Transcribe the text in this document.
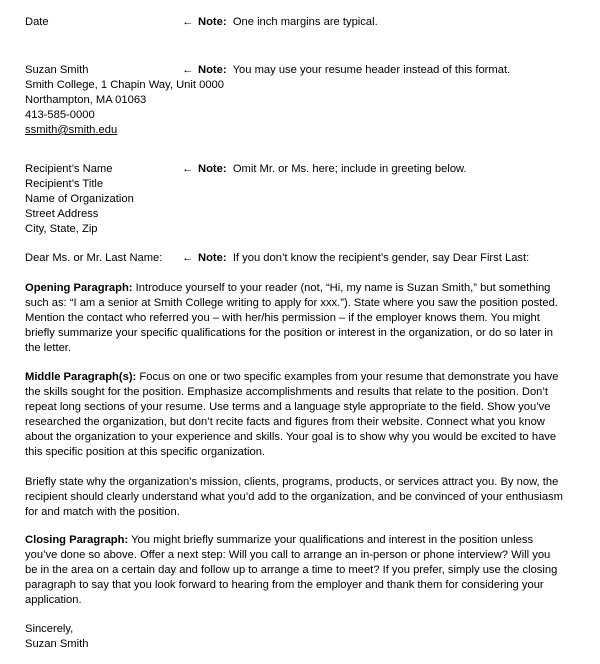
Date	← Note: One inch margins are typical.
Suzan Smith
Smith College, 1 Chapin Way, Unit 0000
Northampton, MA 01063
413-585-0000
ssmith@smith.edu
← Note: You may use your resume header instead of this format.
Recipient’s Name
Recipient’s Title
Name of Organization
Street Address
City, State, Zip
← Note: Omit Mr. or Ms. here; include in greeting below.
Dear Ms. or Mr. Last Name: ← Note: If you don’t know the recipient’s gender, say Dear First Last:
Opening Paragraph: Introduce yourself to your reader (not, “Hi, my name is Suzan Smith,” but something
such as: “I am a senior at Smith College writing to apply for xxx.”). State where you saw the position posted.
Mention the contact who referred you – with her/his permission – if the employer knows them. You might
briefly summarize your specific qualifications for the position or interest in the organization, or do so later in
the letter.
Middle Paragraph(s): Focus on one or two specific examples from your resume that demonstrate you have
the skills sought for the position. Emphasize accomplishments and results that relate to the position. Don’t
repeat long sections of your resume. Use terms and a language style appropriate to the field. Show you’ve
researched the organization, but don’t recite facts and figures from their website. Connect what you know
about the organization to your experience and skills. Your goal is to show why you would be excited to have
this specific position at this specific organization.
Briefly state why the organization’s mission, clients, programs, products, or services attract you. By now, the
recipient should clearly understand what you’d add to the organization, and be convinced of your enthusiasm
for and match with the position.
Closing Paragraph: You might briefly summarize your qualifications and interest in the position unless
you’ve done so above. Offer a next step: Will you call to arrange an in-person or phone interview? Will you
be in the area on a certain day and follow up to arrange a time to meet? If you prefer, simply use the closing
paragraph to say that you look forward to hearing from the employer and thank them for considering your
application.
Sincerely,
Suzan Smith
